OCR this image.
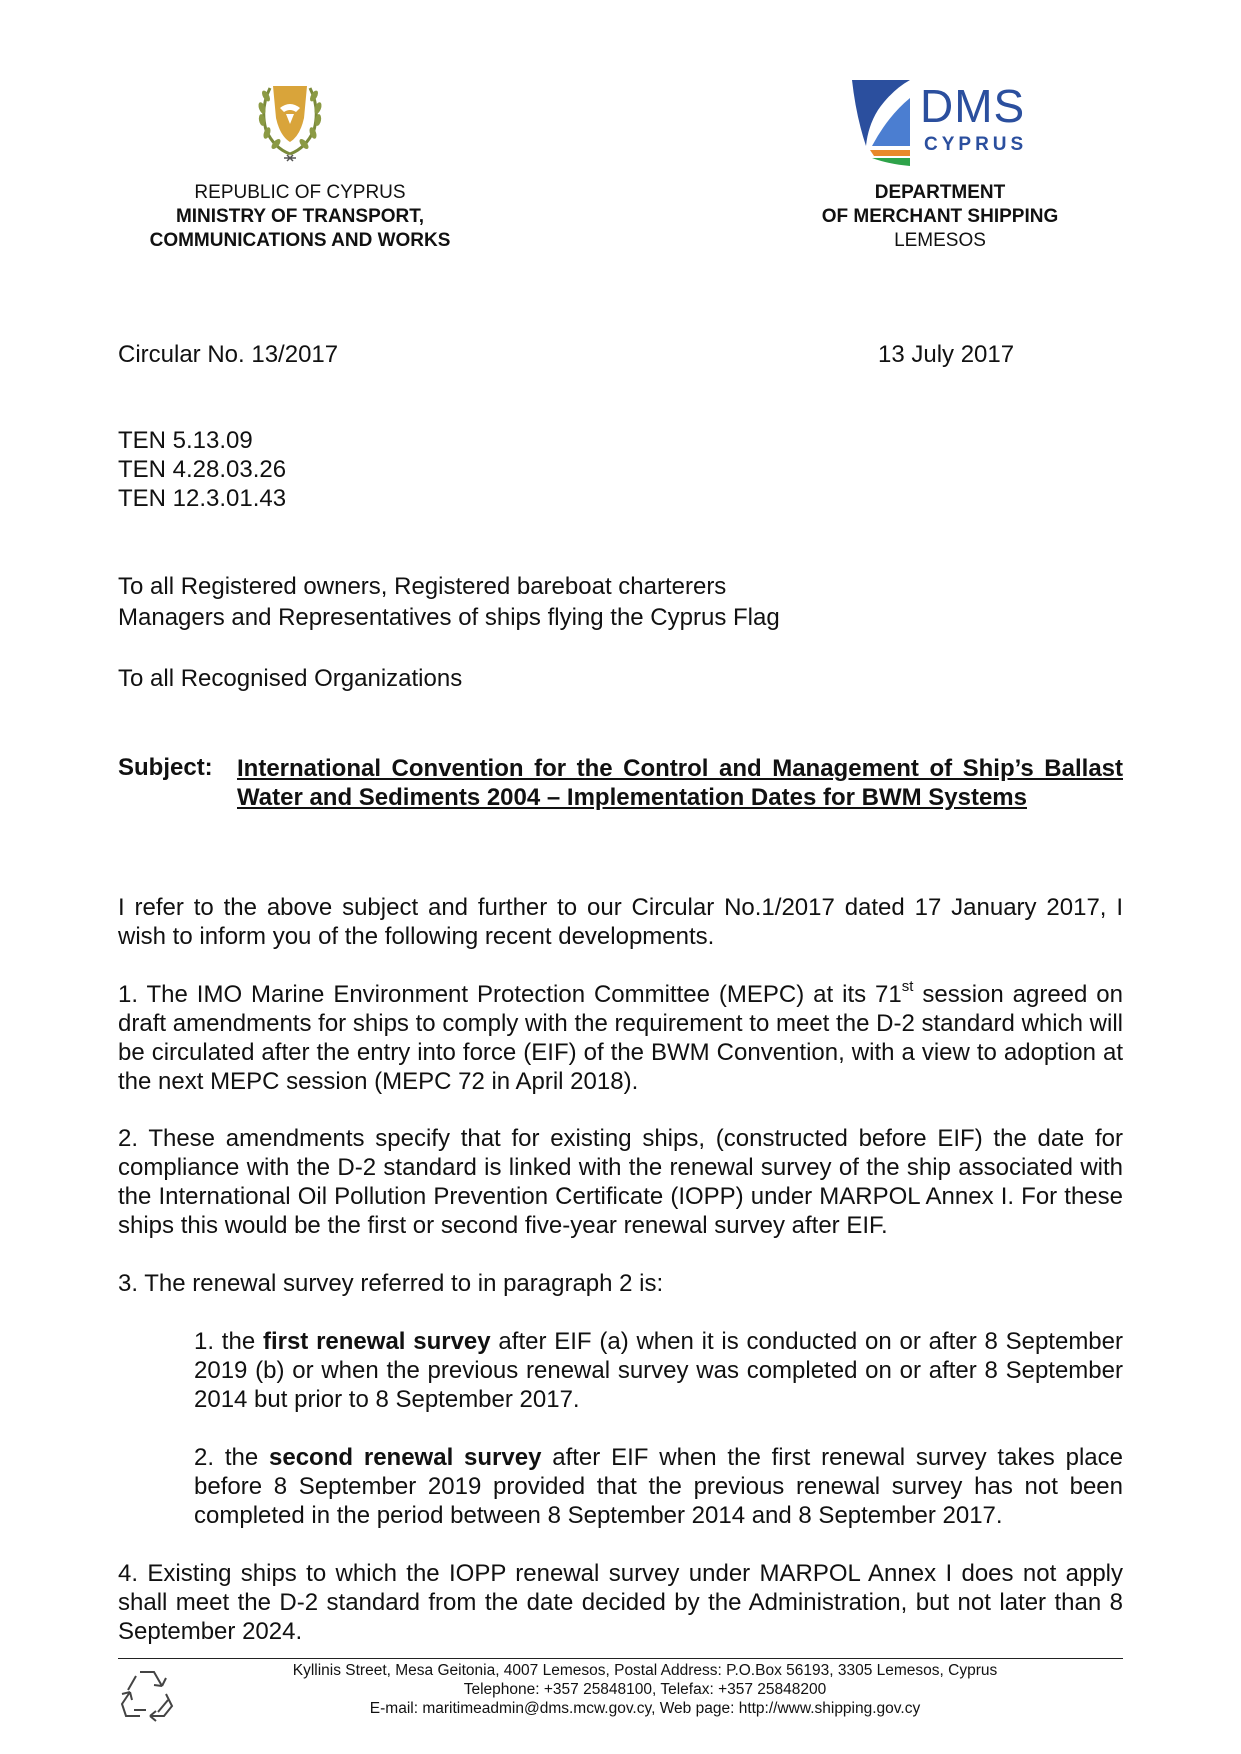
DMS
CYPRUS
REPUBLIC OF CYPRUS
MINISTRY OF TRANSPORT,
COMMUNICATIONS AND WORKS
DEPARTMENT
OF MERCHANT SHIPPING
LEMESOS
Circular No. 13/2017	13 July 2017
TEN 5.13.09
TEN 4.28.03.26
TEN 12.3.01.43
To all Registered owners, Registered bareboat charterers
Managers and Representatives of ships flying the Cyprus Flag
To all Recognised Organizations
Subject: International Convention for the Control and Management of Ship’s Ballast Water and Sediments 2004 – Implementation Dates for BWM Systems
I refer to the above subject and further to our Circular No.1/2017 dated 17 January 2017, I wish to inform you of the following recent developments.
1. The IMO Marine Environment Protection Committee (MEPC) at its 71st session agreed on draft amendments for ships to comply with the requirement to meet the D-2 standard which will be circulated after the entry into force (EIF) of the BWM Convention, with a view to adoption at the next MEPC session (MEPC 72 in April 2018).
2. These amendments specify that for existing ships, (constructed before EIF) the date for compliance with the D-2 standard is linked with the renewal survey of the ship associated with the International Oil Pollution Prevention Certificate (IOPP) under MARPOL Annex I. For these ships this would be the first or second five-year renewal survey after EIF.
3. The renewal survey referred to in paragraph 2 is:
1. the first renewal survey after EIF (a) when it is conducted on or after 8 September 2019 (b) or when the previous renewal survey was completed on or after 8 September 2014 but prior to 8 September 2017.
2. the second renewal survey after EIF when the first renewal survey takes place before 8 September 2019 provided that the previous renewal survey has not been completed in the period between 8 September 2014 and 8 September 2017.
4. Existing ships to which the IOPP renewal survey under MARPOL Annex I does not apply shall meet the D-2 standard from the date decided by the Administration, but not later than 8 September 2024.
Kyllinis Street, Mesa Geitonia, 4007 Lemesos, Postal Address: P.O.Box 56193, 3305 Lemesos, Cyprus
Telephone: +357 25848100, Telefax: +357 25848200
E-mail: maritimeadmin@dms.mcw.gov.cy, Web page: http://www.shipping.gov.cy
